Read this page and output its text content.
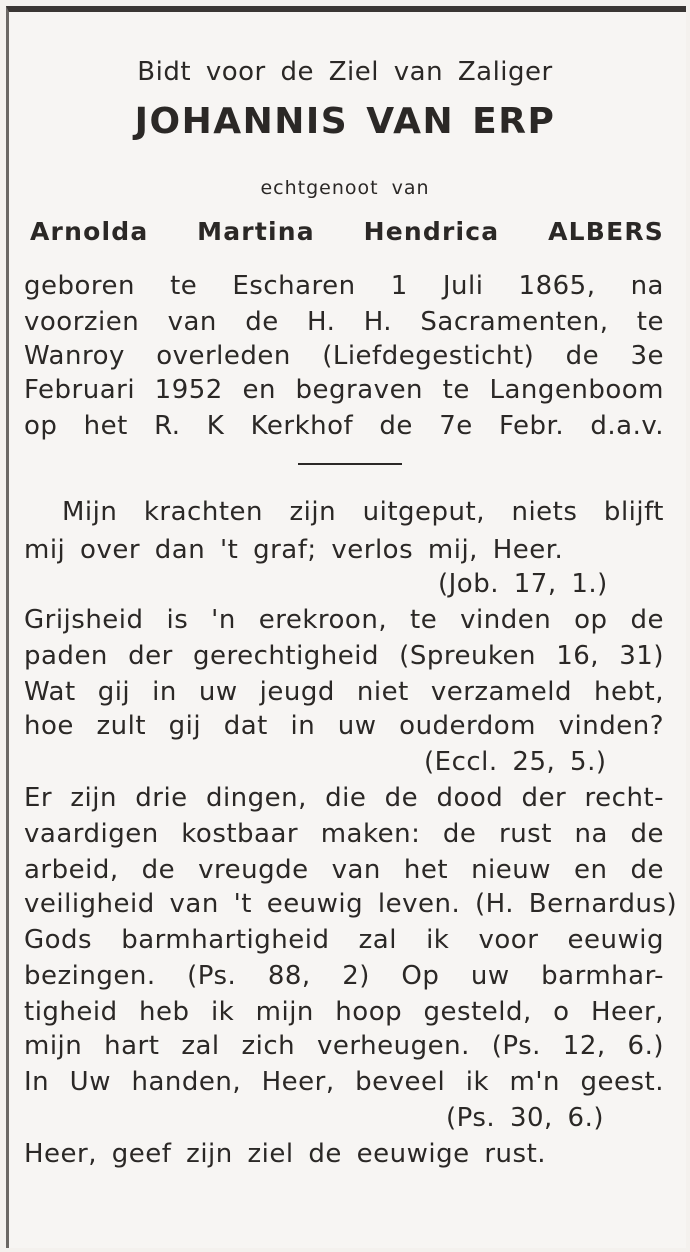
Bidt voor de Ziel van Zaliger
JOHANNIS VAN ERP
echtgenoot van
Arnolda Martina Hendrica ALBERS
geboren te Escharen 1 Juli 1865, na
voorzien van de H. H. Sacramenten, te
Wanroy overleden (Liefdegesticht) de 3e
Februari 1952 en begraven te Langenboom
op het R. K Kerkhof de 7e Febr. d.a.v.
Mijn krachten zijn uitgeput, niets blijft
mij over dan 't graf; verlos mij, Heer.
(Job. 17, 1.)
Grijsheid is 'n erekroon, te vinden op de
paden der gerechtigheid (Spreuken 16, 31)
Wat gij in uw jeugd niet verzameld hebt,
hoe zult gij dat in uw ouderdom vinden?
(Eccl. 25, 5.)
Er zijn drie dingen, die de dood der recht-
vaardigen kostbaar maken: de rust na de
arbeid, de vreugde van het nieuw en de
veiligheid van 't eeuwig leven. (H. Bernardus)
Gods barmhartigheid zal ik voor eeuwig
bezingen. (Ps. 88, 2) Op uw barmhar-
tigheid heb ik mijn hoop gesteld, o Heer,
mijn hart zal zich verheugen. (Ps. 12, 6.)
In Uw handen, Heer, beveel ik m'n geest.
(Ps. 30, 6.)
Heer, geef zijn ziel de eeuwige rust.
